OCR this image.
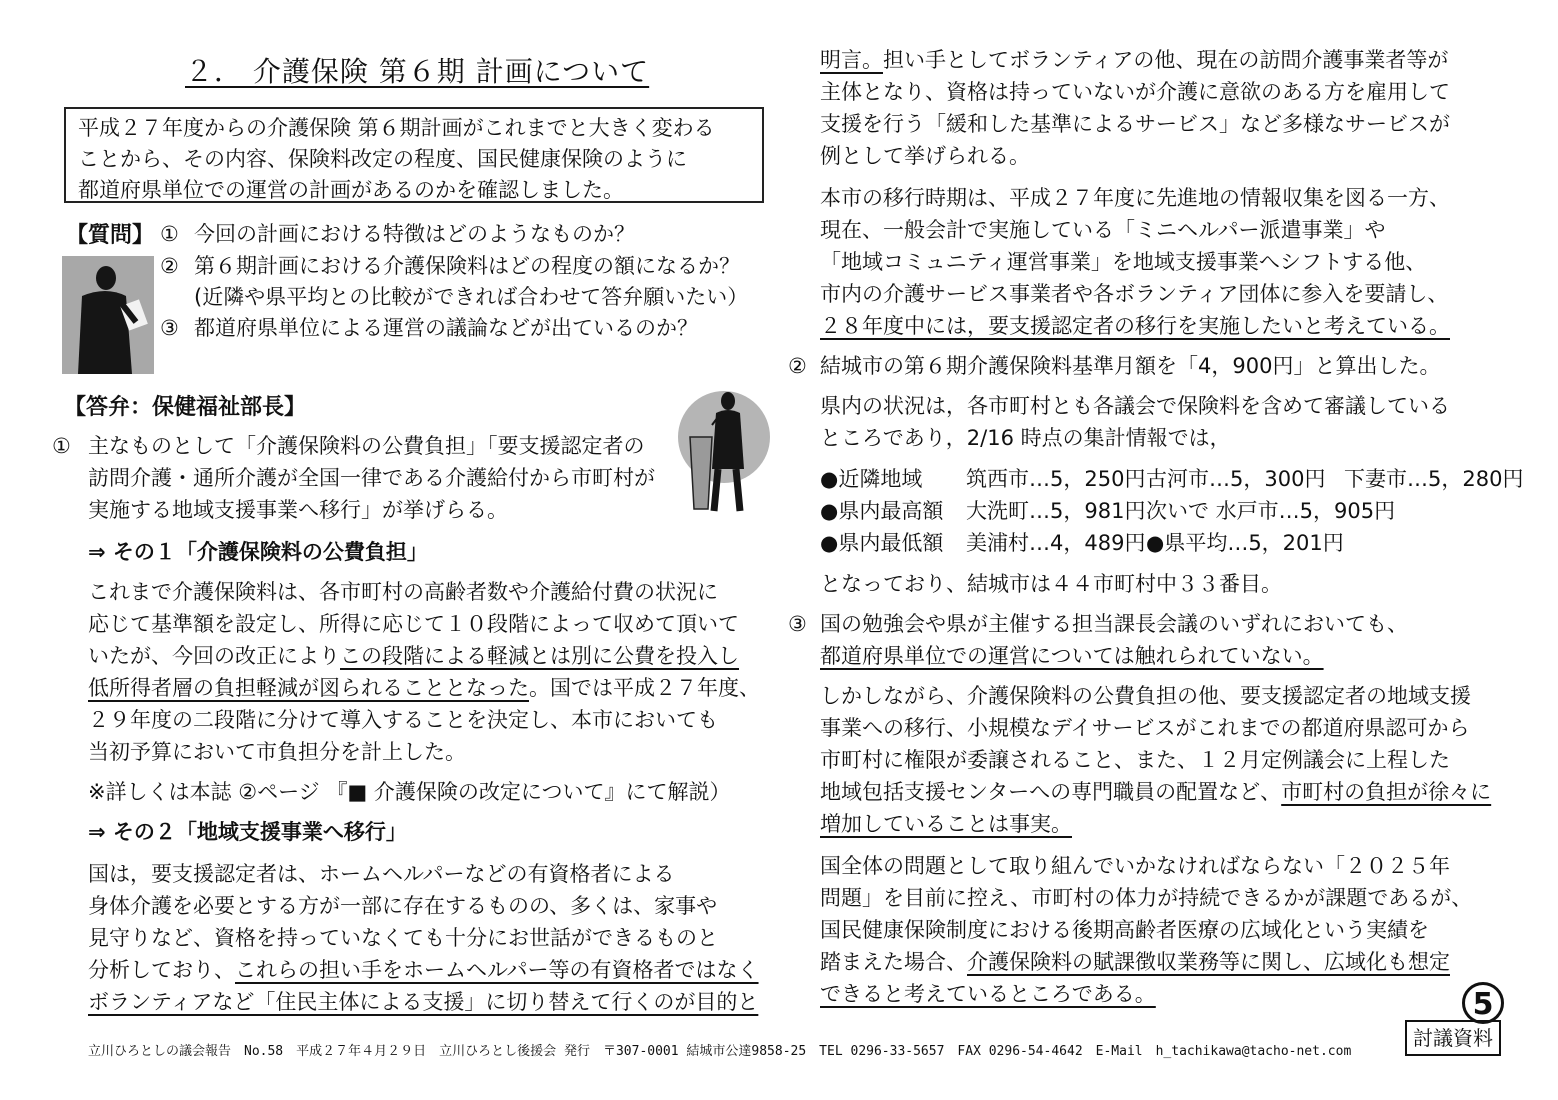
２． 介護保険 第６期 計画について
平成２７年度からの介護保険 第６期計画がこれまでと大きく変わる
ことから、その内容、保険料改定の程度、国民健康保険のように
都道府県単位での運営の計画があるのかを確認しました。
【質問】 ① 今回の計画における特徴はどのようなものか？
② 第６期計画における介護保険料はどの程度の額になるか？
(近隣や県平均との比較ができれば合わせて答弁願いたい）
③ 都道府県単位による運営の議論などが出ているのか？
【答弁：保健福祉部長】
① 主なものとして「介護保険料の公費負担」「要支援認定者の
訪問介護・通所介護が全国一律である介護給付から市町村が
実施する地域支援事業へ移行」が挙げらる。
⇒ その１「介護保険料の公費負担」
これまで介護保険料は、各市町村の高齢者数や介護給付費の状況に
応じて基準額を設定し、所得に応じて１０段階によって収めて頂いて
いたが、今回の改正によりこの段階による軽減とは別に公費を投入し
低所得者層の負担軽減が図られることとなった。国では平成２７年度、
２９年度の二段階に分けて導入することを決定し、本市においても
当初予算において市負担分を計上した。
※詳しくは本誌 ②ページ 『■ 介護保険の改定について』にて解説）
⇒ その２「地域支援事業へ移行」
国は，要支援認定者は、ホームヘルパーなどの有資格者による
身体介護を必要とする方が一部に存在するものの、多くは、家事や
見守りなど、資格を持っていなくても十分にお世話ができるものと
分析しており、これらの担い手をホームヘルパー等の有資格者ではなく
ボランティアなど「住民主体による支援」に切り替えて行くのが目的と
明言。担い手としてボランティアの他、現在の訪問介護事業者等が
主体となり、資格は持っていないが介護に意欲のある方を雇用して
支援を行う「緩和した基準によるサービス」など多様なサービスが
例として挙げられる。
本市の移行時期は、平成２７年度に先進地の情報収集を図る一方、
現在、一般会計で実施している「ミニヘルパー派遣事業」や
「地域コミュニティ運営事業」を地域支援事業へシフトする他、
市内の介護サービス事業者や各ボランティア団体に参入を要請し、
２８年度中には，要支援認定者の移行を実施したいと考えている。
② 結城市の第６期介護保険料基準月額を「4，900円」と算出した。
県内の状況は，各市町村とも各議会で保険料を含めて審議している
ところであり，2/16 時点の集計情報では，
●近隣地域 筑西市…5，250円古河市…5，300円 下妻市…5，280円
●県内最高額 大洗町…5，981円次いで 水戸市…5，905円
●県内最低額 美浦村…4，489円●県平均…5，201円
となっており、結城市は４４市町村中３３番目。
③ 国の勉強会や県が主催する担当課長会議のいずれにおいても、
都道府県単位での運営については触れられていない。
しかしながら、介護保険料の公費負担の他、要支援認定者の地域支援
事業への移行、小規模なデイサービスがこれまでの都道府県認可から
市町村に権限が委譲されること、また、１２月定例議会に上程した
地域包括支援センターへの専門職員の配置など、市町村の負担が徐々に
増加していることは事実。
国全体の問題として取り組んでいかなければならない「２０２５年
問題」を目前に控え、市町村の体力が持続できるかが課題であるが、
国民健康保険制度における後期高齢者医療の広域化という実績を
踏まえた場合、介護保険料の賦課徴収業務等に関し、広域化も想定
できると考えているところである。	5
討議資料
立川ひろとしの議会報告　No.58　平成２７年４月２９日　立川ひろとし後援会 発行　〒307-0001 結城市公達9858-25　TEL 0296-33-5657　FAX 0296-54-4642　E-Mail　h_tachikawa@tacho-net.com
